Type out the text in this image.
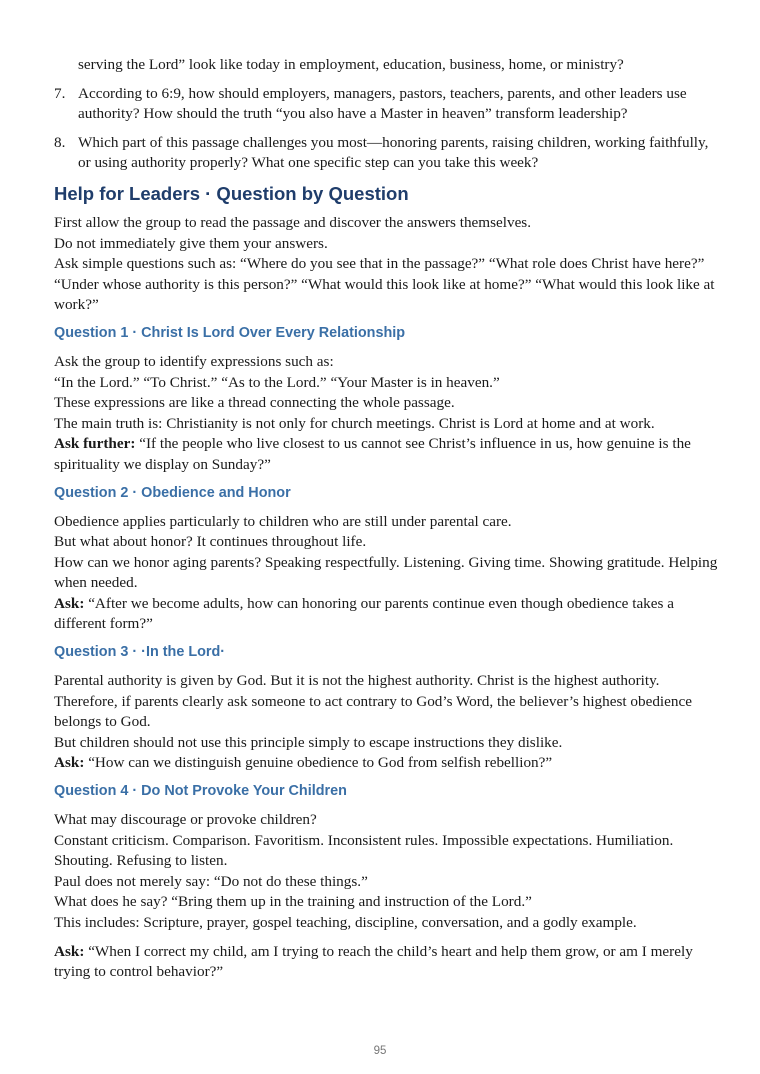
serving the Lord” look like today in employment, education, business, home, or ministry?

7. According to 6:9, how should employers, managers, pastors, teachers, parents, and other leaders use authority? How should the truth “you also have a Master in heaven” transform leadership?
8. Which part of this passage challenges you most—honoring parents, raising children, working faithfully, or using authority properly? What one specific step can you take this week?
Help for Leaders · Question by Question

First allow the group to read the passage and discover the answers themselves.

Do not immediately give them your answers.

Ask simple questions such as: “Where do you see that in the passage?” “What role does Christ have here?” “Under whose authority is this person?” “What would this look like at home?” “What would this look like at work?”

Question 1 · Christ Is Lord Over Every Relationship

Ask the group to identify expressions such as:

“In the Lord.” “To Christ.” “As to the Lord.” “Your Master is in heaven.”

These expressions are like a thread connecting the whole passage.

The main truth is: Christianity is not only for church meetings. Christ is Lord at home and at work.

Ask further: “If the people who live closest to us cannot see Christ’s influence in us, how genuine is the spirituality we display on Sunday?”

Question 2 · Obedience and Honor

Obedience applies particularly to children who are still under parental care.

But what about honor? It continues throughout life.

How can we honor aging parents? Speaking respectfully. Listening. Giving time. Showing gratitude. Helping when needed.

Ask: “After we become adults, how can honoring our parents continue even though obedience takes a different form?”

Question 3 · ·In the Lord·

Parental authority is given by God. But it is not the highest authority. Christ is the highest authority. Therefore, if parents clearly ask someone to act contrary to God’s Word, the believer’s highest obedience belongs to God.

But children should not use this principle simply to escape instructions they dislike.

Ask: “How can we distinguish genuine obedience to God from selfish rebellion?”

Question 4 · Do Not Provoke Your Children

What may discourage or provoke children?

Constant criticism. Comparison. Favoritism. Inconsistent rules. Impossible expectations. Humiliation. Shouting. Refusing to listen.

Paul does not merely say: “Do not do these things.”

What does he say? “Bring them up in the training and instruction of the Lord.”

This includes: Scripture, prayer, gospel teaching, discipline, conversation, and a godly example.

Ask: “When I correct my child, am I trying to reach the child’s heart and help them grow, or am I merely trying to control behavior?”

95
